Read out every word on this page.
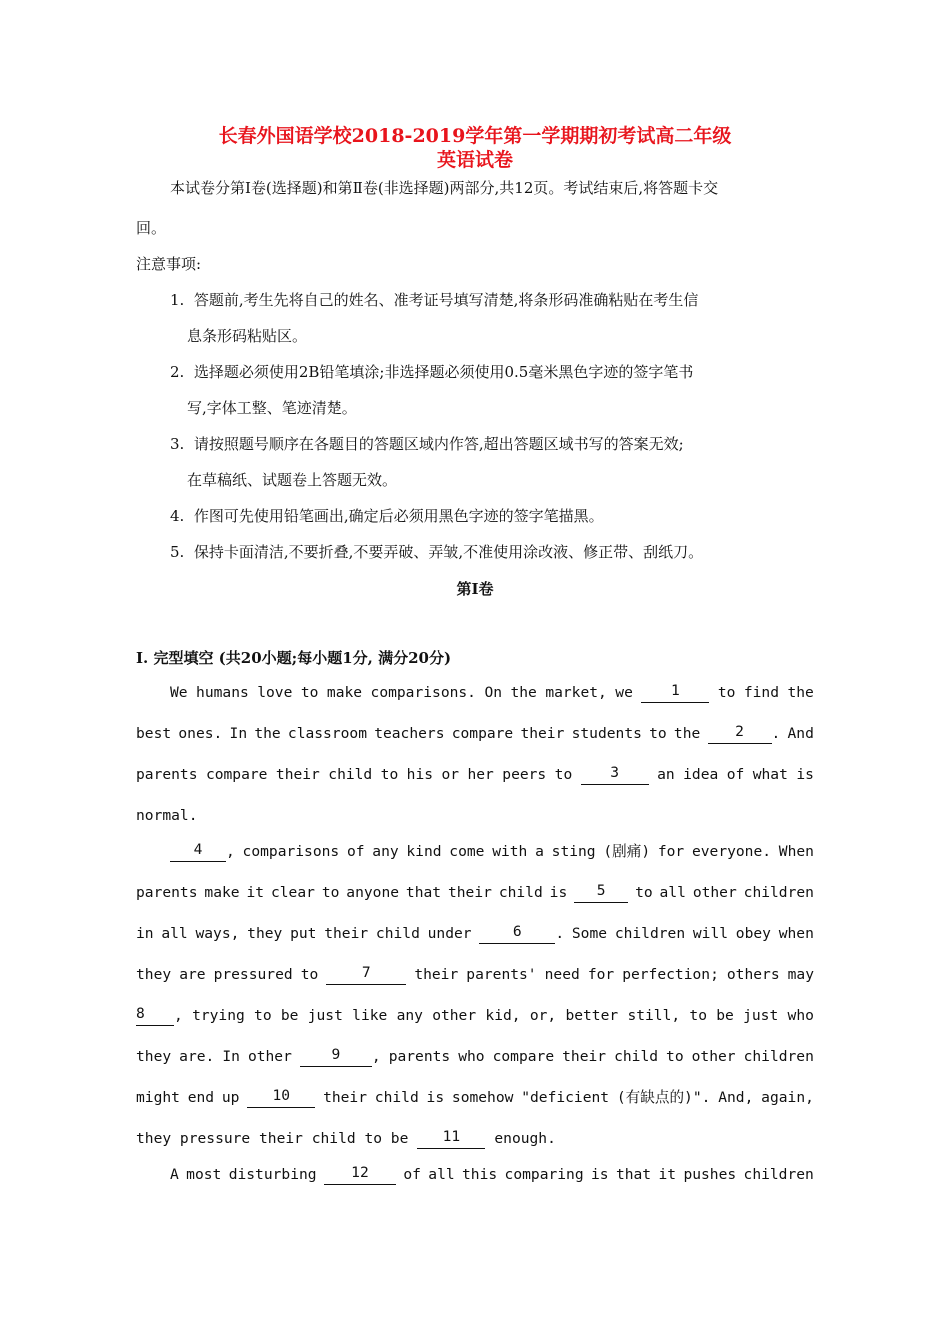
长春外国语学校2018-2019学年第一学期期初考试高二年级
英语试卷
本试卷分第Ⅰ卷(选择题)和第Ⅱ卷(非选择题)两部分,共12页。考试结束后,将答题卡交
回。
注意事项:
1. 答题前,考生先将自己的姓名、准考证号填写清楚,将条形码准确粘贴在考生信
息条形码粘贴区。
2. 选择题必须使用2B铅笔填涂;非选择题必须使用0.5毫米黑色字迹的签字笔书
写,字体工整、笔迹清楚。
3. 请按照题号顺序在各题目的答题区域内作答,超出答题区域书写的答案无效;
在草稿纸、试题卷上答题无效。
4. 作图可先使用铅笔画出,确定后必须用黑色字迹的签字笔描黑。
5. 保持卡面清洁,不要折叠,不要弄破、弄皱,不准使用涂改液、修正带、刮纸刀。
第Ⅰ卷
I. 完型填空 (共20小题;每小题1分, 满分20分)
We humans love to make comparisons. On the market, we	1	to find the
best ones. In the classroom teachers compare their students to the	2	. And
parents compare their child to his or her peers to	3	an idea of what is
normal.
4	, comparisons of any kind come with a sting (剧痛) for everyone. When
parents make it clear to anyone that their child is	5	to all other children
in all ways, they put their child under	6	. Some children will obey when
they are pressured to	7	their parents' need for perfection; others may
8	, trying to be just like any other kid, or, better still, to be just who
they are. In other	9	, parents who compare their child to other children
might end up	10	their child is somehow "deficient (有缺点的)". And, again,
they pressure their child to be	11	enough.
A most disturbing	12	of all this comparing is that it pushes children
